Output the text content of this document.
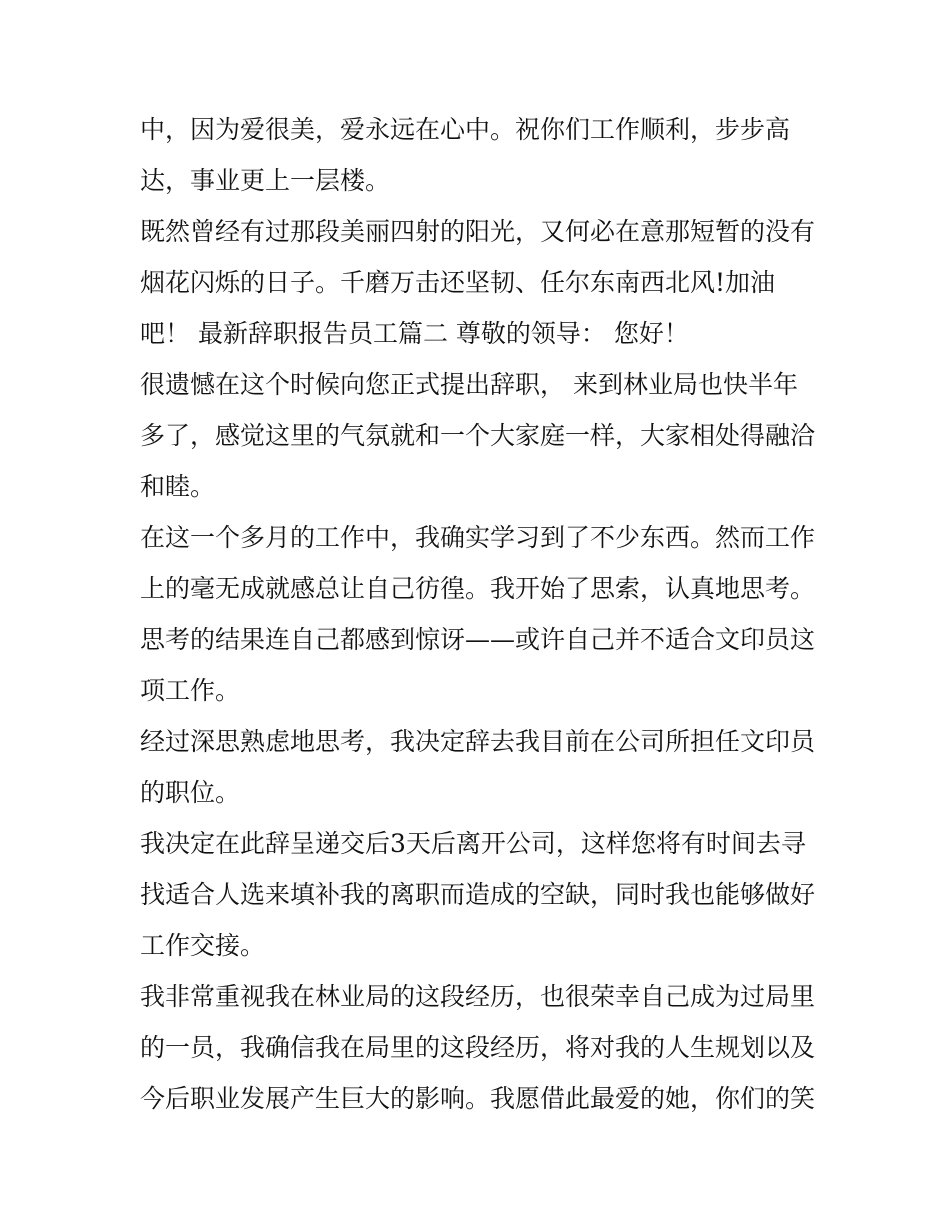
中，因为爱很美，爱永远在心中。祝你们工作顺利，步步高达，事业更上一层楼。

既然曾经有过那段美丽四射的阳光，又何必在意那短暂的没有烟花闪烁的日子。千磨万击还坚韧、任尔东南西北风!加油吧！ 最新辞职报告员工篇二 尊敬的领导： 您好！

很遗憾在这个时候向您正式提出辞职， 来到林业局也快半年多了，感觉这里的气氛就和一个大家庭一样，大家相处得融洽和睦。

在这一个多月的工作中，我确实学习到了不少东西。然而工作上的毫无成就感总让自己彷徨。我开始了思索，认真地思考。思考的结果连自己都感到惊讶——或许自己并不适合文印员这项工作。

经过深思熟虑地思考，我决定辞去我目前在公司所担任文印员的职位。

我决定在此辞呈递交后3天后离开公司，这样您将有时间去寻找适合人选来填补我的离职而造成的空缺，同时我也能够做好工作交接。

我非常重视我在林业局的这段经历，也很荣幸自己成为过局里的一员，我确信我在局里的这段经历，将对我的人生规划以及今后职业发展产生巨大的影响。我愿借此最爱的她，你们的笑
